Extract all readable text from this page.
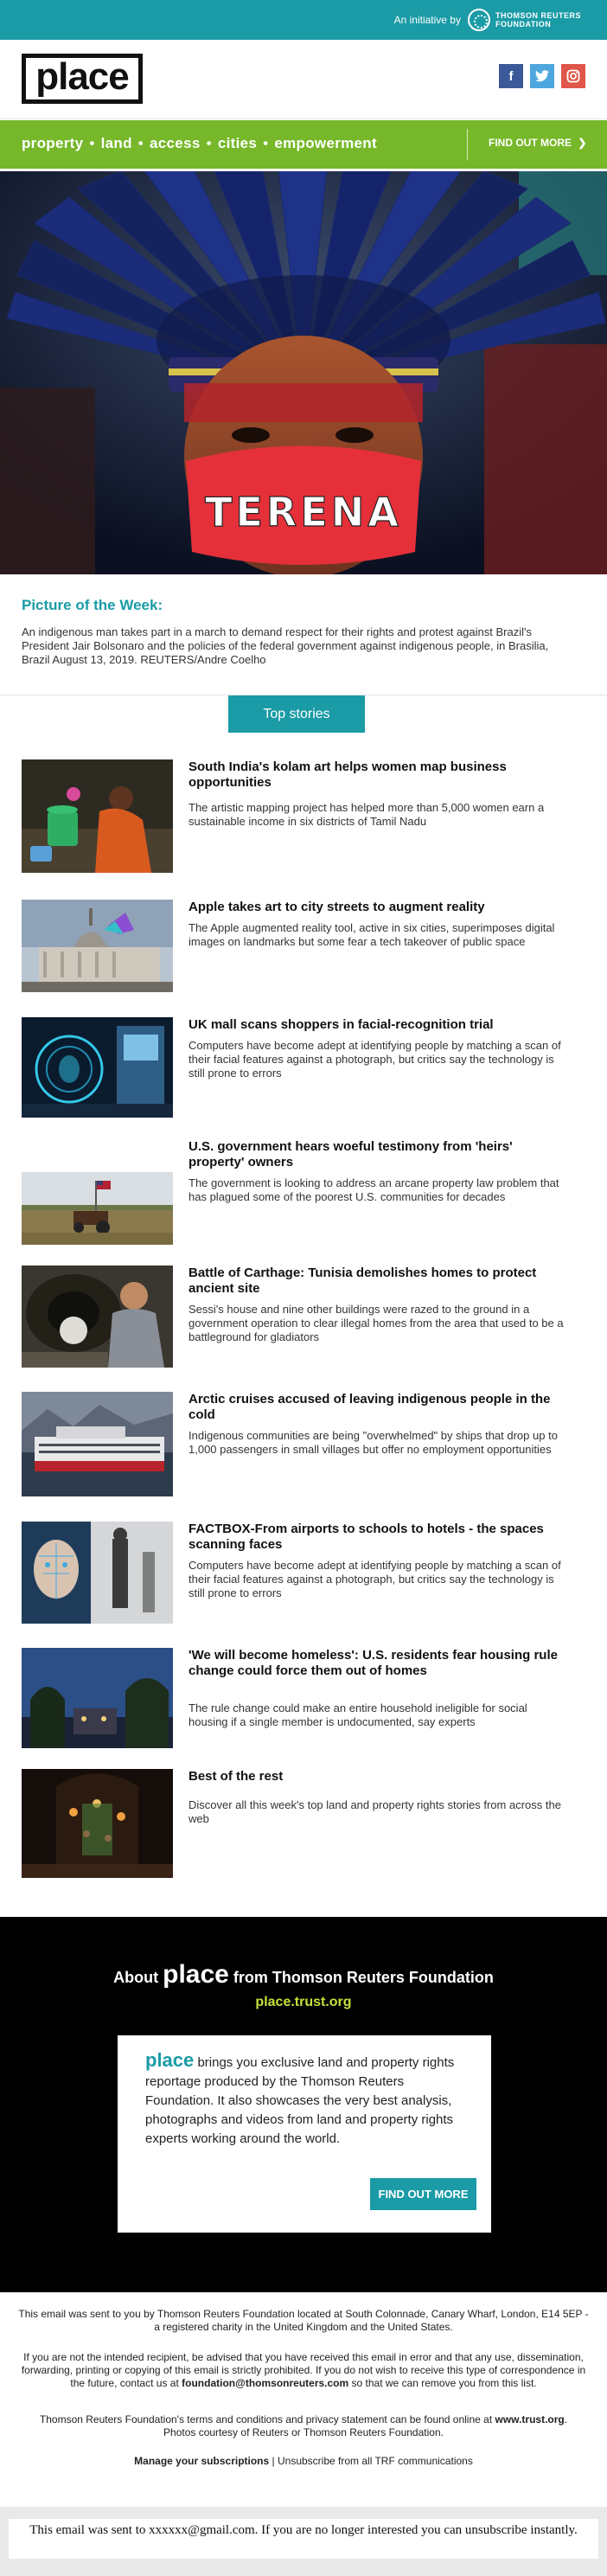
An initiative by	THOMSON REUTERS
FOUNDATION
place	f
property • land • access • cities • empowerment	FIND OUT MORE ❯
TERENA
Picture of the Week:
An indigenous man takes part in a march to demand respect for their rights and protest against Brazil's President Jair Bolsonaro and the policies of the federal government against indigenous people, in Brasilia, Brazil August 13, 2019. REUTERS/Andre Coelho
Top stories
South India's kolam art helps women map business opportunities

The artistic mapping project has helped more than 5,000 women earn a sustainable income in six districts of Tamil Nadu

Apple takes art to city streets to augment reality

The Apple augmented reality tool, active in six cities, superimposes digital images on landmarks but some fear a tech takeover of public space

UK mall scans shoppers in facial-recognition trial

Computers have become adept at identifying people by matching a scan of their facial features against a photograph, but critics say the technology is still prone to errors

U.S. government hears woeful testimony from 'heirs' property' owners

The government is looking to address an arcane property law problem that has plagued some of the poorest U.S. communities for decades

Battle of Carthage: Tunisia demolishes homes to protect ancient site

Sessi's house and nine other buildings were razed to the ground in a government operation to clear illegal homes from the area that used to be a battleground for gladiators

Arctic cruises accused of leaving indigenous people in the cold

Indigenous communities are being "overwhelmed" by ships that drop up to 1,000 passengers in small villages but offer no employment opportunities

FACTBOX-From airports to schools to hotels - the spaces scanning faces

Computers have become adept at identifying people by matching a scan of their facial features against a photograph, but critics say the technology is still prone to errors

'We will become homeless': U.S. residents fear housing rule change could force them out of homes

The rule change could make an entire household ineligible for social housing if a single member is undocumented, say experts

Best of the rest

Discover all this week's top land and property rights stories from across the web

About place from Thomson Reuters Foundation
place.trust.org
place brings you exclusive land and property rights reportage produced by the Thomson Reuters Foundation. It also showcases the very best analysis, photographs and videos from land and property rights experts working around the world.
FIND OUT MORE
This email was sent to you by Thomson Reuters Foundation located at South Colonnade, Canary Wharf, London, E14 5EP - a registered charity in the United Kingdom and the United States.
If you are not the intended recipient, be advised that you have received this email in error and that any use, dissemination, forwarding, printing or copying of this email is strictly prohibited. If you do not wish to receive this type of correspondence in the future, contact us at foundation@thomsonreuters.com so that we can remove you from this list.
Thomson Reuters Foundation's terms and conditions and privacy statement can be found online at www.trust.org.
Photos courtesy of Reuters or Thomson Reuters Foundation.
Manage your subscriptions | Unsubscribe from all TRF communications
This email was sent to xxxxxx@gmail.com. If you are no longer interested you can unsubscribe instantly.
